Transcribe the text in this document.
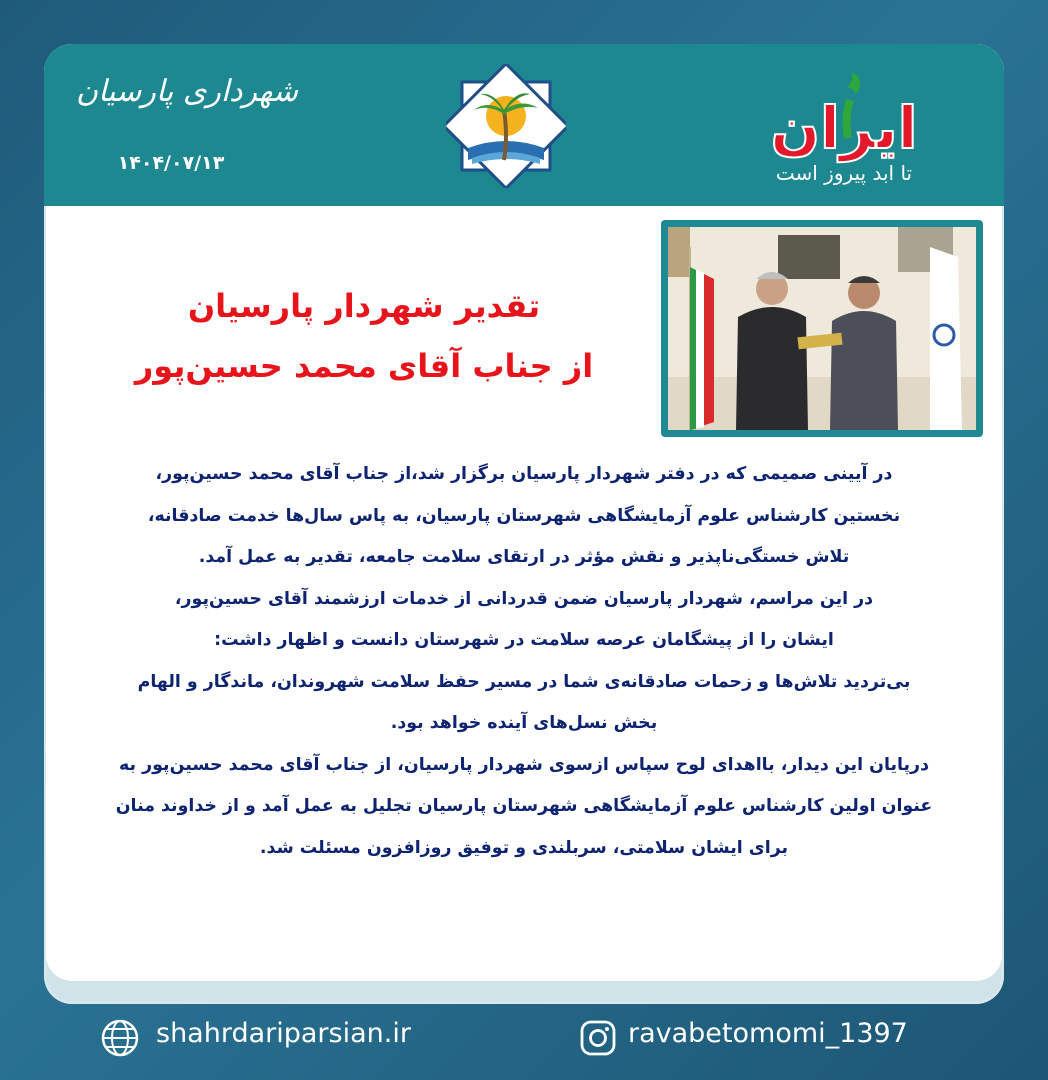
شهرداری پارسیان
۱۴۰۴/۰۷/۱۳
ایران
تا ابد پیروز است
تقدیر شهردار پارسیان
از جناب آقای محمد حسین‌پور

در آیینی صمیمی که در دفتر شهردار پارسیان برگزار شد،از جناب آقای محمد حسین‌پور،

نخستین کارشناس علوم آزمایشگاهی شهرستان پارسیان، به پاس سال‌ها خدمت صادقانه،

تلاش خستگی‌ناپذیر و نقش مؤثر در ارتقای سلامت جامعه، تقدیر به عمل آمد.

در این مراسم، شهردار پارسیان ضمن قدردانی از خدمات ارزشمند آقای حسین‌پور،

ایشان را از پیشگامان عرصه سلامت در شهرستان دانست و اظهار داشت:

بی‌تردید تلاش‌ها و زحمات صادقانه‌ی شما در مسیر حفظ سلامت شهروندان، ماندگار و الهام

بخش نسل‌های آینده خواهد بود.

درپایان این دیدار، بااهدای لوح سپاس ازسوی شهردار پارسیان، از جناب آقای محمد حسین‌پور به

عنوان اولین کارشناس علوم آزمایشگاهی شهرستان پارسیان تجلیل به عمل آمد و از خداوند منان

برای ایشان سلامتی، سربلندی و توفیق روزافزون مسئلت شد.

shahrdariparsian.ir	ravabetomomi_1397
